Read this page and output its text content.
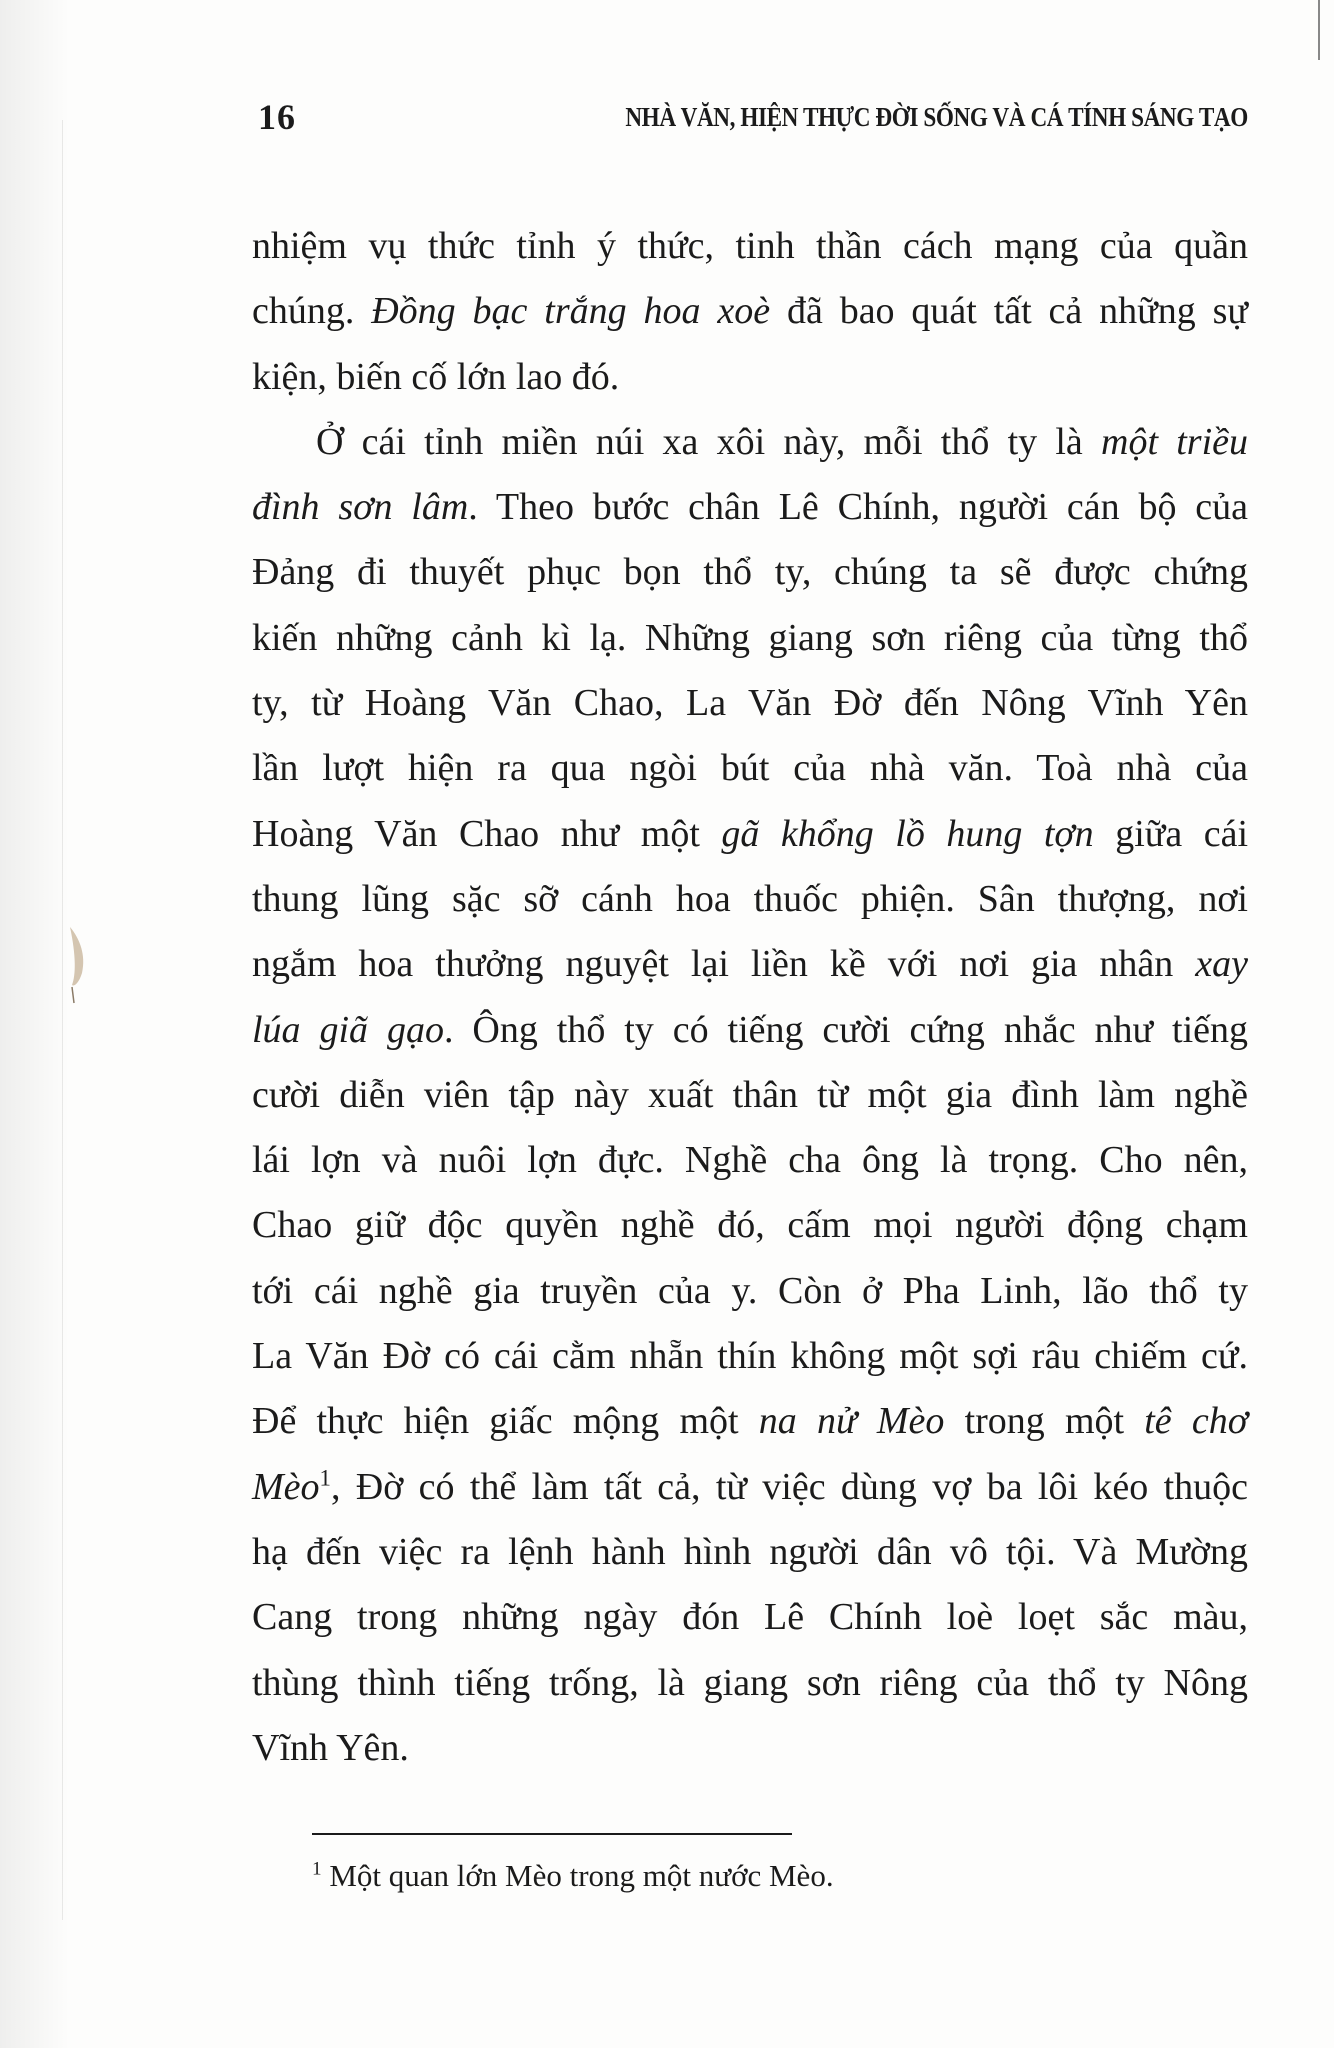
16	NHÀ VĂN, HIỆN THỰC ĐỜI SỐNG VÀ CÁ TÍNH SÁNG TẠO

nhiệm vụ thức tỉnh ý thức, tinh thần cách mạng của quần
chúng. Đồng bạc trắng hoa xoè đã bao quát tất cả những sự
kiện, biến cố lớn lao đó.

Ở cái tỉnh miền núi xa xôi này, mỗi thổ ty là một triều
đình sơn lâm. Theo bước chân Lê Chính, người cán bộ của
Đảng đi thuyết phục bọn thổ ty, chúng ta sẽ được chứng
kiến những cảnh kì lạ. Những giang sơn riêng của từng thổ
ty, từ Hoàng Văn Chao, La Văn Đờ đến Nông Vĩnh Yên
lần lượt hiện ra qua ngòi bút của nhà văn. Toà nhà của
Hoàng Văn Chao như một gã khổng lồ hung tợn giữa cái
thung lũng sặc sỡ cánh hoa thuốc phiện. Sân thượng, nơi
ngắm hoa thưởng nguyệt lại liền kề với nơi gia nhân xay
lúa giã gạo. Ông thổ ty có tiếng cười cứng nhắc như tiếng
cười diễn viên tập này xuất thân từ một gia đình làm nghề
lái lợn và nuôi lợn đực. Nghề cha ông là trọng. Cho nên,
Chao giữ độc quyền nghề đó, cấm mọi người động chạm
tới cái nghề gia truyền của y. Còn ở Pha Linh, lão thổ ty
La Văn Đờ có cái cằm nhẵn thín không một sợi râu chiếm cứ.
Để thực hiện giấc mộng một na nử Mèo trong một tê chơ
Mèo$^1$, Đờ có thể làm tất cả, từ việc dùng vợ ba lôi kéo thuộc
hạ đến việc ra lệnh hành hình người dân vô tội. Và Mường
Cang trong những ngày đón Lê Chính loè loẹt sắc màu,
thùng thình tiếng trống, là giang sơn riêng của thổ ty Nông
Vĩnh Yên.

$^1$ Một quan lớn Mèo trong một nước Mèo.
